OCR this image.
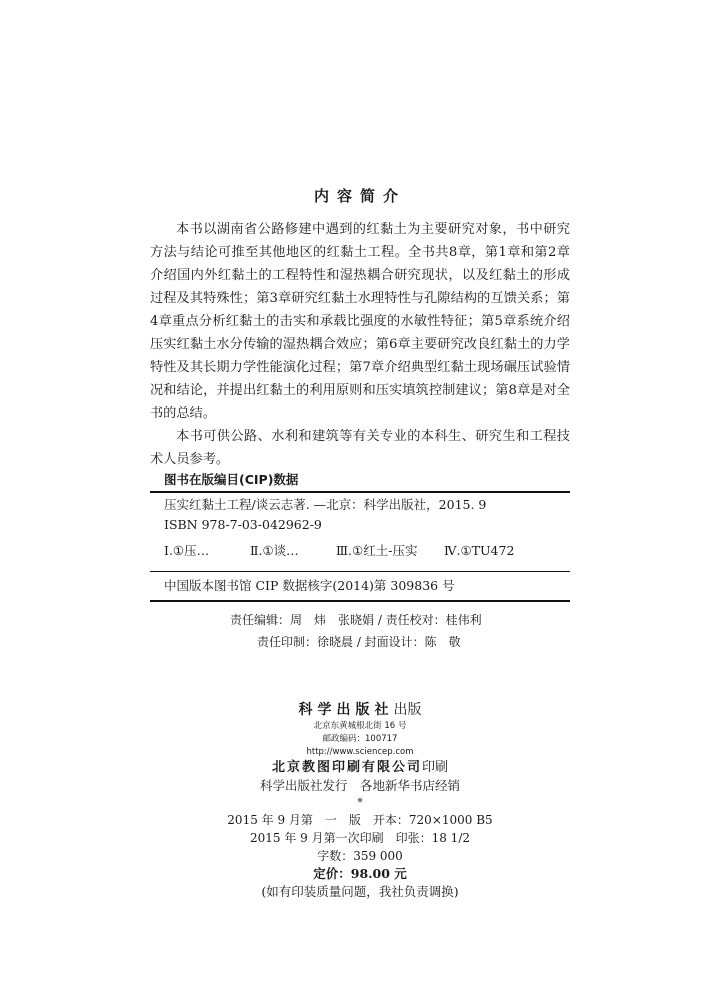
内容简介

本书以湖南省公路修建中遇到的红黏土为主要研究对象，书中研究方法与结论可推至其他地区的红黏土工程。全书共8章，第1章和第2章介绍国内外红黏土的工程特性和湿热耦合研究现状，以及红黏土的形成过程及其特殊性；第3章研究红黏土水理特性与孔隙结构的互馈关系；第4章重点分析红黏土的击实和承载比强度的水敏性特征；第5章系统介绍压实红黏土水分传输的湿热耦合效应；第6章主要研究改良红黏土的力学特性及其长期力学性能演化过程；第7章介绍典型红黏土现场碾压试验情况和结论，并提出红黏土的利用原则和压实填筑控制建议；第8章是对全书的总结。

本书可供公路、水利和建筑等有关专业的本科生、研究生和工程技术人员参考。

图书在版编目(CIP)数据
压实红黏土工程/谈云志著. —北京：科学出版社，2015. 9
ISBN 978-7-03-042962-9
Ⅰ.①压…	Ⅱ.①谈…	Ⅲ.①红土-压实	Ⅳ.①TU472
中国版本图书馆 CIP 数据核字(2014)第 309836 号
责任编辑：周　炜　张晓娟 / 责任校对：桂伟利
责任印制：徐晓晨 / 封面设计：陈　敬
科学出版社出版
北京东黄城根北街 16 号
邮政编码：100717
http://www.sciencep.com
北京教图印刷有限公司印刷
科学出版社发行　各地新华书店经销
*
2015 年 9 月第　一　版　开本：720×1000 B5
2015 年 9 月第一次印刷　印张：18 1/2
字数：359 000
定价：98.00 元
(如有印装质量问题，我社负责调换)
